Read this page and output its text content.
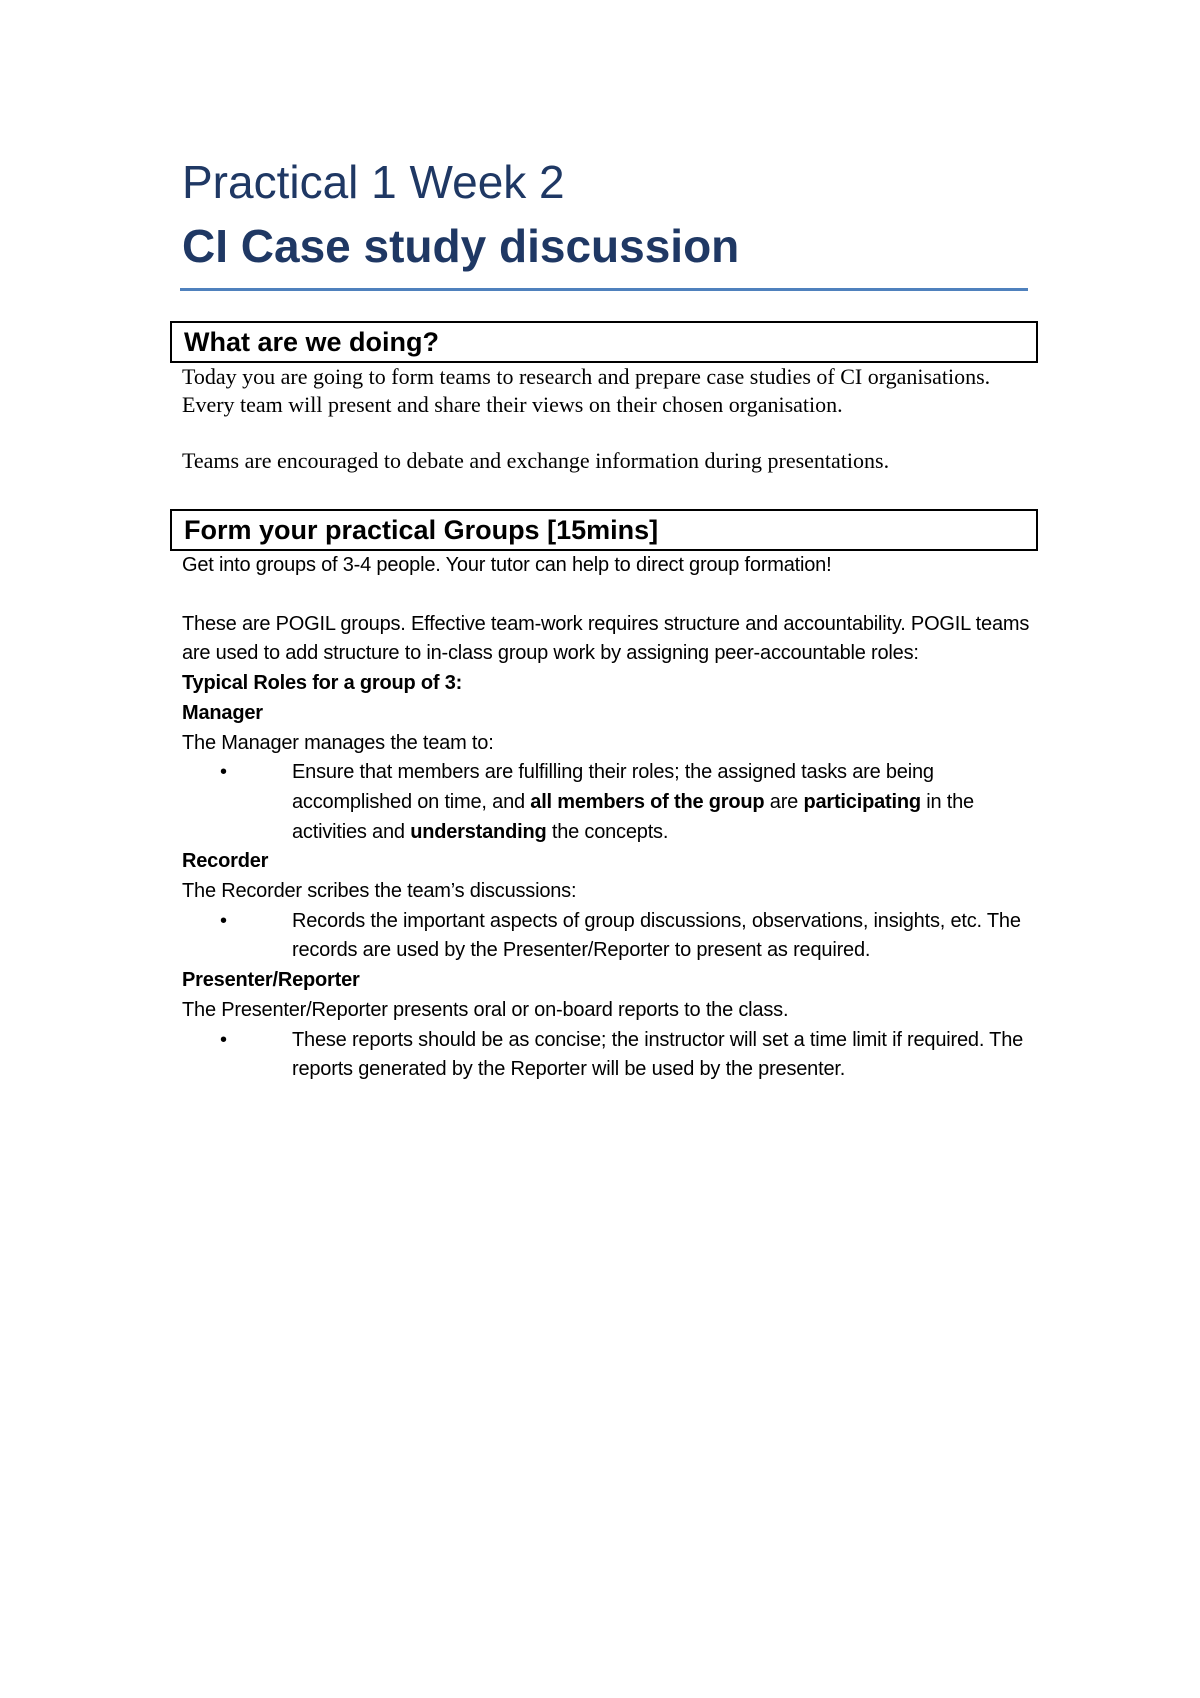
Practical 1 Week 2
CI Case study discussion
What are we doing?

Today you are going to form teams to research and prepare case studies of CI organisations. Every team will present and share their views on their chosen organisation.

Teams are encouraged to debate and exchange information during presentations.

Form your practical Groups [15mins]

Get into groups of 3-4 people. Your tutor can help to direct group formation!

These are POGIL groups. Effective team-work requires structure and accountability. POGIL teams are used to add structure to in-class group work by assigning peer-accountable roles:

Typical Roles for a group of 3:

Manager

The Manager manages the team to:

•	Ensure that members are fulfilling their roles; the assigned tasks are being accomplished on time, and all members of the group are participating in the activities and understanding the concepts.

Recorder

The Recorder scribes the team’s discussions:

•	Records the important aspects of group discussions, observations, insights, etc. The records are used by the Presenter/Reporter to present as required.

Presenter/Reporter

The Presenter/Reporter presents oral or on-board reports to the class.

•	These reports should be as concise; the instructor will set a time limit if required. The reports generated by the Reporter will be used by the presenter.
